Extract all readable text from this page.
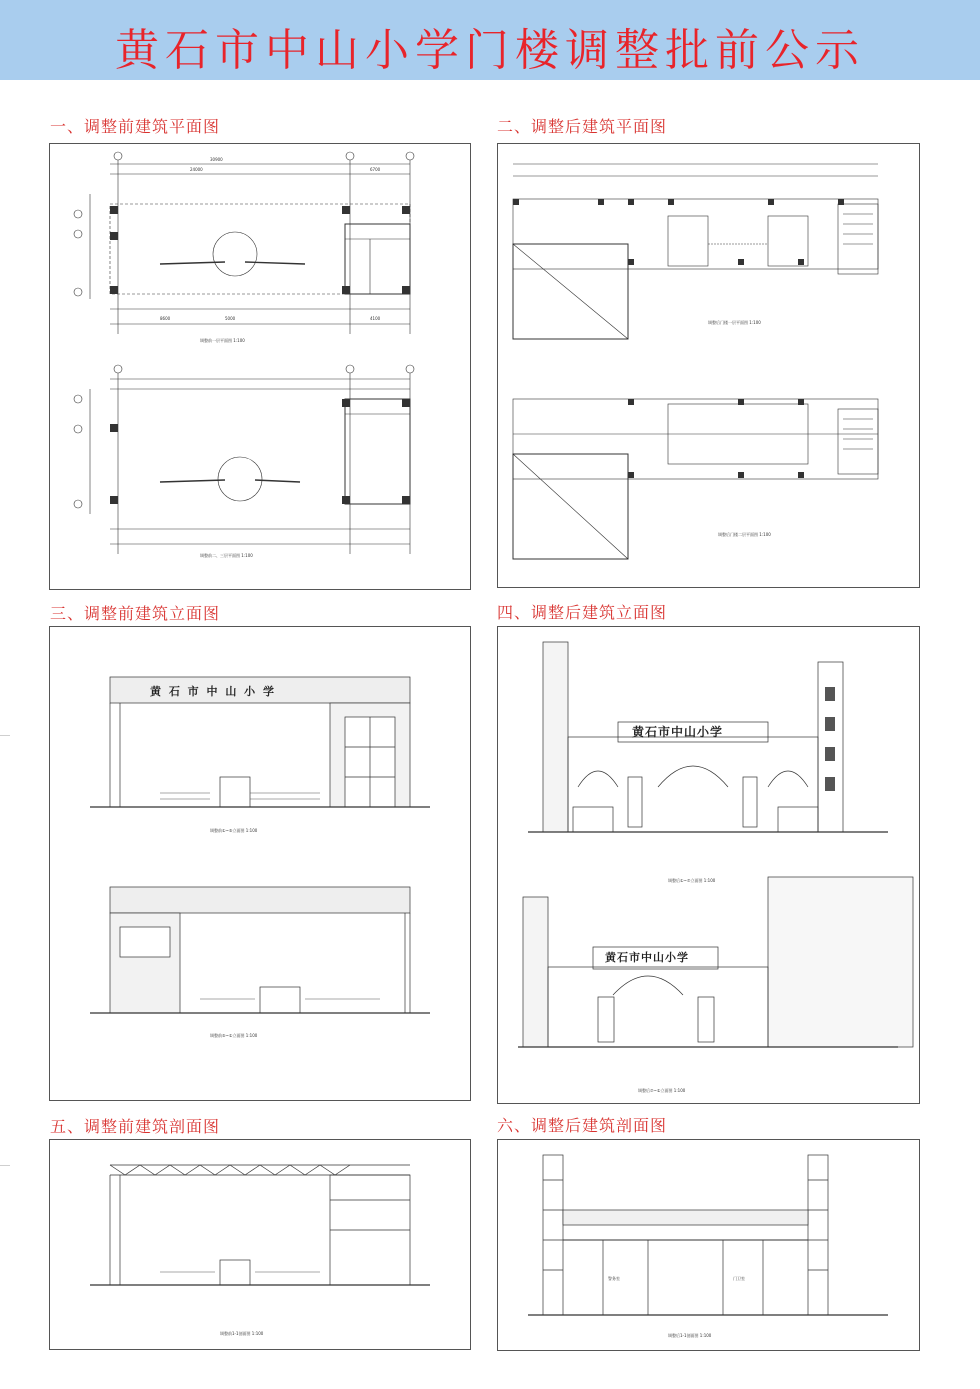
黄石市中山小学门楼调整批前公示
一、调整前建筑平面图	二、调整后建筑平面图
三、调整前建筑立面图	四、调整后建筑立面图
五、调整前建筑剖面图	六、调整后建筑剖面图
30900
24000	6700
8600	5000	4100
调整前一层平面图 1:100
调整前二、三层平面图 1:100
调整后门楼一层平面图 1:100
调整后门楼二层平面图 1:100
黄 石 市 中 山 小 学
调整前①~⑤立面图 1:100
调整前⑤~①立面图 1:100
黄石市中山小学
黄石市中山小学
调整后①~⑦立面图 1:100
调整后⑦~①立面图 1:100
调整前1-1剖面图 1:100
警务室	门卫室
调整后1-1剖面图 1:100
